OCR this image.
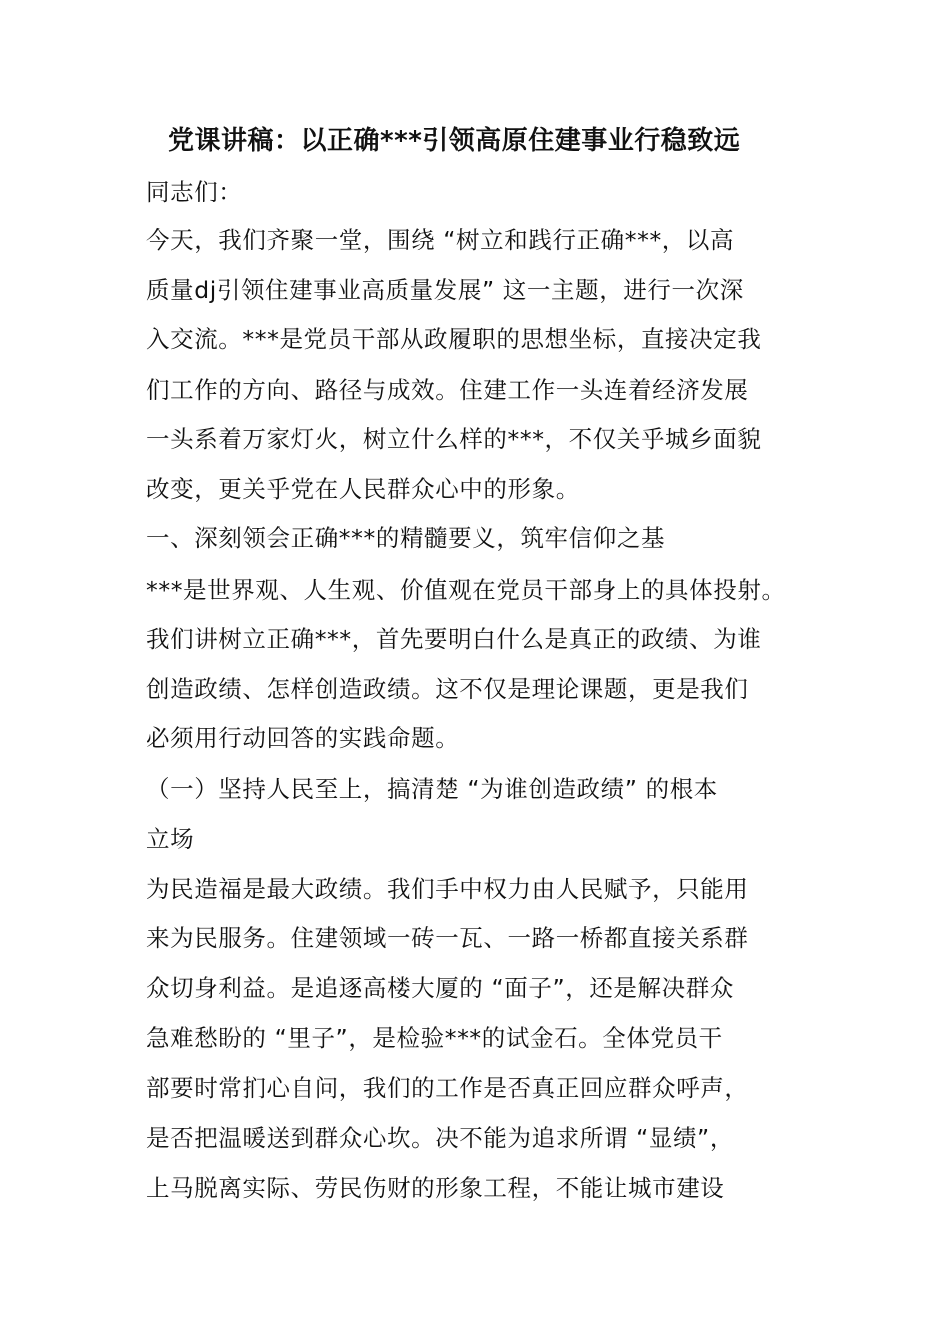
党课讲稿：以正确***引领高原住建事业行稳致远
同志们：
今天，我们齐聚一堂，围绕 “树立和践行正确***，以高
质量dj引领住建事业高质量发展” 这一主题，进行一次深
入交流。***是党员干部从政履职的思想坐标，直接决定我
们工作的方向、路径与成效。住建工作一头连着经济发展
一头系着万家灯火，树立什么样的***，不仅关乎城乡面貌
改变，更关乎党在人民群众心中的形象。
一、深刻领会正确***的精髓要义，筑牢信仰之基
***是世界观、人生观、价值观在党员干部身上的具体投射。
我们讲树立正确***，首先要明白什么是真正的政绩、为谁
创造政绩、怎样创造政绩。这不仅是理论课题，更是我们
必须用行动回答的实践命题。
（一）坚持人民至上，搞清楚 “为谁创造政绩” 的根本
立场
为民造福是最大政绩。我们手中权力由人民赋予，只能用
来为民服务。住建领域一砖一瓦、一路一桥都直接关系群
众切身利益。是追逐高楼大厦的 “面子”，还是解决群众
急难愁盼的 “里子”，是检验***的试金石。全体党员干
部要时常扪心自问，我们的工作是否真正回应群众呼声，
是否把温暖送到群众心坎。决不能为追求所谓 “显绩”，
上马脱离实际、劳民伤财的形象工程，不能让城市建设
